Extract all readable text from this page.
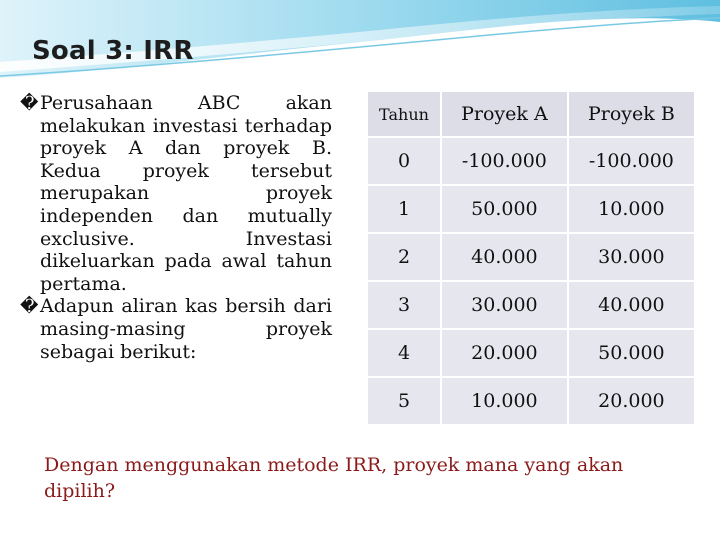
Soal 3: IRR

� Perusahaan ABC akan melakukan investasi terhadap proyek A dan proyek B. Kedua proyek tersebut merupakan proyek independen dan mutually exclusive. Investasi dikeluarkan pada awal tahun pertama.

� Adapun aliran kas bersih dari masing-masing proyek sebagai berikut:

Tahun	Proyek A	Proyek B
0	-100.000	-100.000
1	50.000	10.000
2	40.000	30.000
3	30.000	40.000
4	20.000	50.000
5	10.000	20.000
Dengan menggunakan metode IRR, proyek mana yang akan dipilih?
